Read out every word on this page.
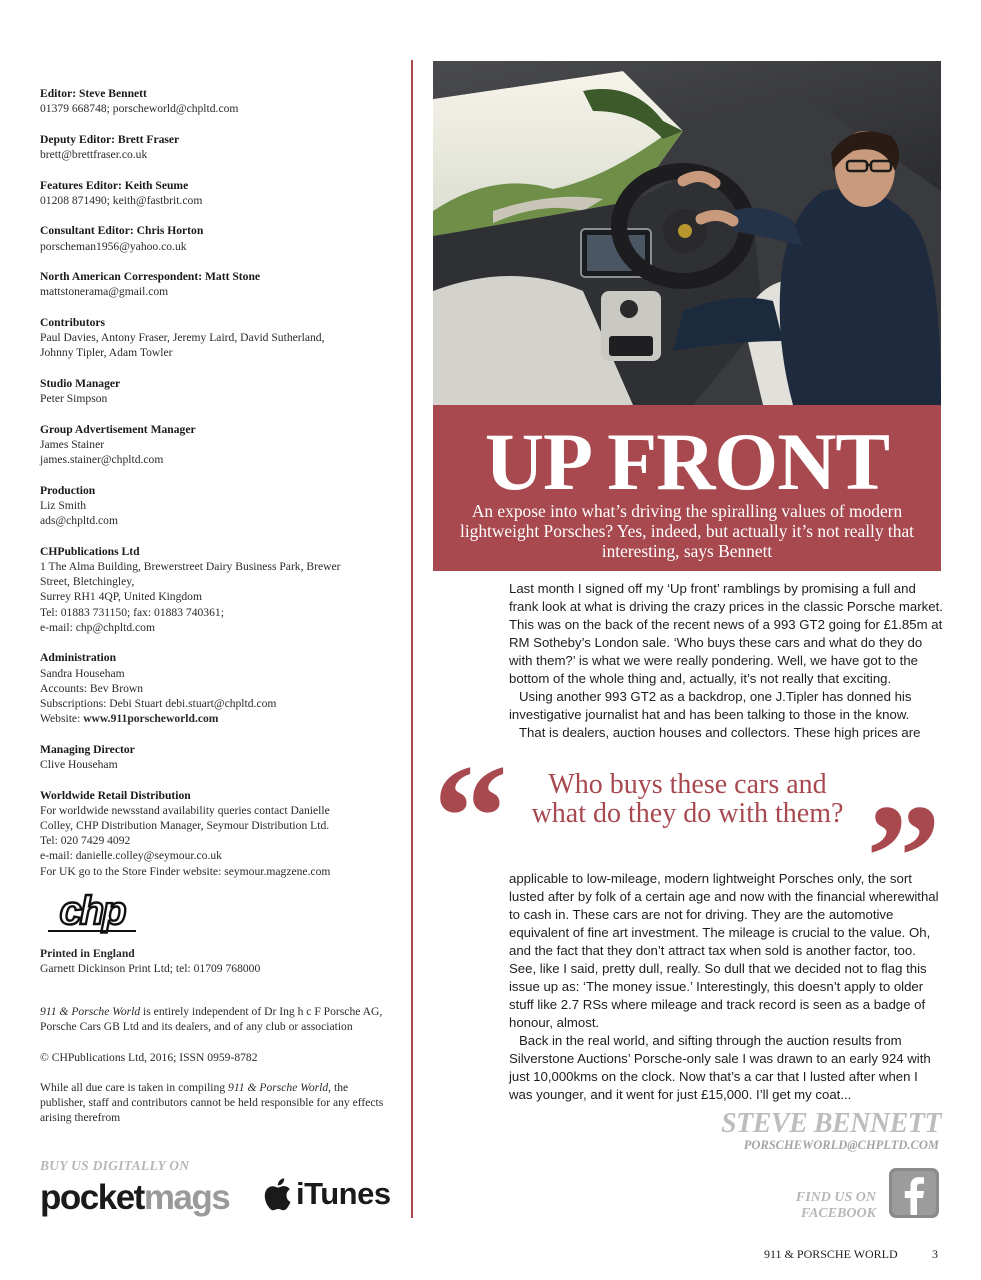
Editor: Steve Bennett
01379 668748; porscheworld@chpltd.com
Deputy Editor: Brett Fraser
brett@brettfraser.co.uk
Features Editor: Keith Seume
01208 871490; keith@fastbrit.com
Consultant Editor: Chris Horton
porscheman1956@yahoo.co.uk
North American Correspondent: Matt Stone
mattstonerama@gmail.com
Contributors
Paul Davies, Antony Fraser, Jeremy Laird, David Sutherland,
Johnny Tipler, Adam Towler
Studio Manager
Peter Simpson
Group Advertisement Manager
James Stainer
james.stainer@chpltd.com
Production
Liz Smith
ads@chpltd.com
CHPublications Ltd
1 The Alma Building, Brewerstreet Dairy Business Park, Brewer
Street, Bletchingley,
Surrey RH1 4QP, United Kingdom
Tel: 01883 731150; fax: 01883 740361;
e-mail: chp@chpltd.com
Administration
Sandra Househam
Accounts: Bev Brown
Subscriptions: Debi Stuart debi.stuart@chpltd.com
Website: www.911porscheworld.com
Managing Director
Clive Househam
Worldwide Retail Distribution
For worldwide newsstand availability queries contact Danielle
Colley, CHP Distribution Manager, Seymour Distribution Ltd.
Tel: 020 7429 4092
e-mail: danielle.colley@seymour.co.uk
For UK go to the Store Finder website: seymour.magzene.com
chp
Printed in England
Garnett Dickinson Print Ltd; tel: 01709 768000

911 & Porsche World is entirely independent of Dr Ing h c F Porsche AG, Porsche Cars GB Ltd and its dealers, and of any club or association

© CHPublications Ltd, 2016; ISSN 0959-8782

While all due care is taken in compiling 911 & Porsche World, the publisher, staff and contributors cannot be held responsible for any effects arising therefrom

BUY US DIGITALLY ON
pocketmags iTunes
UP FRONT
An expose into what’s driving the spiralling values of modern lightweight Porsches? Yes, indeed, but actually it’s not really that interesting, says Bennett

Last month I signed off my ‘Up front’ ramblings by promising a full and frank look at what is driving the crazy prices in the classic Porsche market. This was on the back of the recent news of a 993 GT2 going for £1.85m at RM Sotheby’s London sale. ‘Who buys these cars and what do they do with them?’ is what we were really pondering. Well, we have got to the bottom of the whole thing and, actually, it’s not really that exciting.

Using another 993 GT2 as a backdrop, one J.Tipler has donned his investigative journalist hat and has been talking to those in the know.

That is dealers, auction houses and collectors. These high prices are

“	Who buys these cars and what do they do with them? ”

applicable to low-mileage, modern lightweight Porsches only, the sort lusted after by folk of a certain age and now with the financial wherewithal to cash in. These cars are not for driving. They are the automotive equivalent of fine art investment. The mileage is crucial to the value. Oh, and the fact that they don’t attract tax when sold is another factor, too. See, like I said, pretty dull, really. So dull that we decided not to flag this issue up as: ‘The money issue.’ Interestingly, this doesn’t apply to older stuff like 2.7 RSs where mileage and track record is seen as a badge of honour, almost.

Back in the real world, and sifting through the auction results from Silverstone Auctions’ Porsche-only sale I was drawn to an early 924 with just 10,000kms on the clock. Now that’s a car that I lusted after when I was younger, and it went for just £15,000. I’ll get my coat...

STEVE BENNETT
PORSCHEWORLD@CHPLTD.COM
FIND US ON
FACEBOOK
911 & PORSCHE WORLD	3
